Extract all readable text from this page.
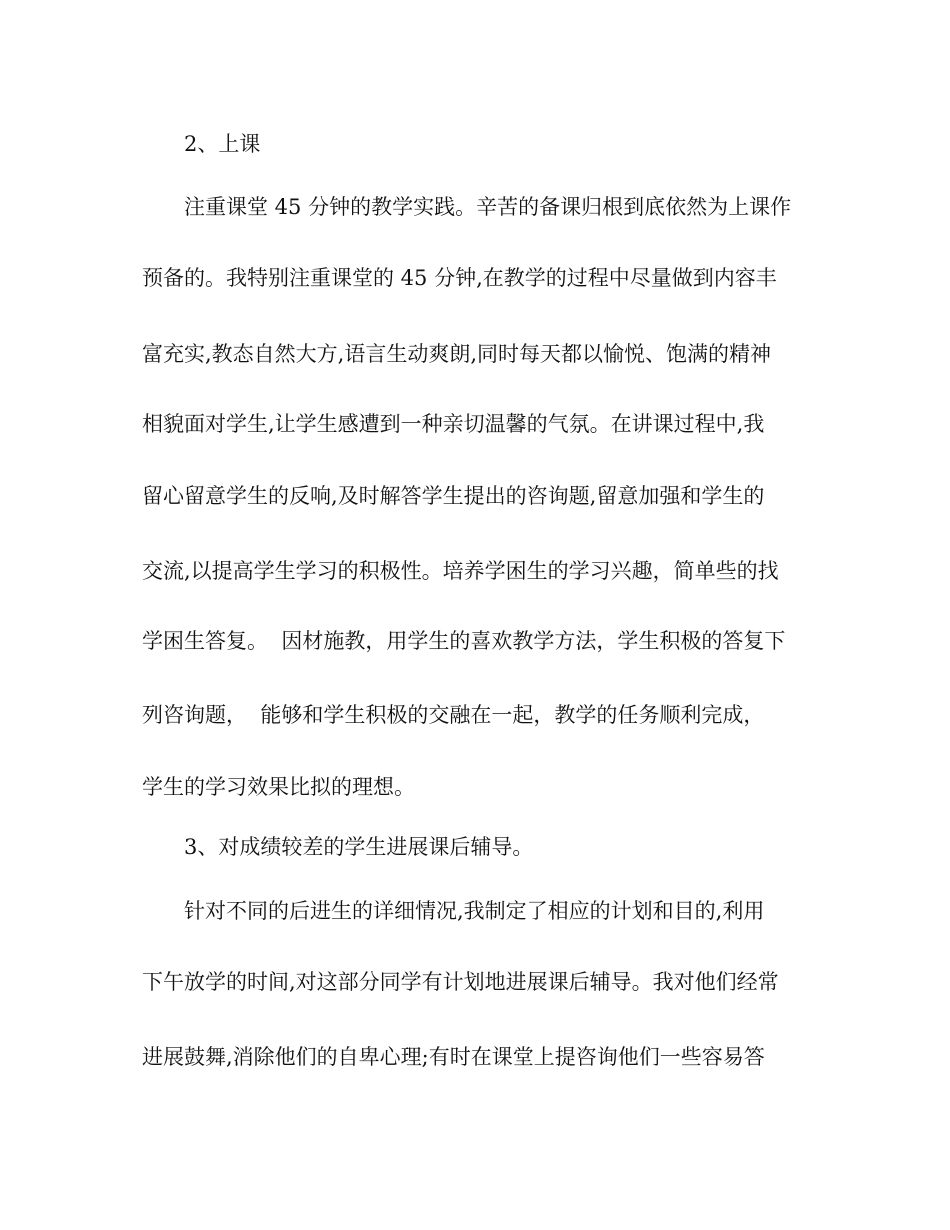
2、上课
注重课堂 45 分钟的教学实践。辛苦的备课归根到底依然为上课作
预备的。我特别注重课堂的 45 分钟,在教学的过程中尽量做到内容丰
富充实,教态自然大方,语言生动爽朗,同时每天都以愉悦、饱满的精神
相貌面对学生,让学生感遭到一种亲切温馨的气氛。在讲课过程中,我
留心留意学生的反响,及时解答学生提出的咨询题,留意加强和学生的
交流,以提高学生学习的积极性。培养学困生的学习兴趣，简单些的找
学困生答复。  因材施教，用学生的喜欢教学方法，学生积极的答复下
列咨询题，  能够和学生积极的交融在一起，教学的任务顺利完成，
学生的学习效果比拟的理想。
3、对成绩较差的学生进展课后辅导。
针对不同的后进生的详细情况,我制定了相应的计划和目的,利用
下午放学的时间,对这部分同学有计划地进展课后辅导。我对他们经常
进展鼓舞,消除他们的自卑心理;有时在课堂上提咨询他们一些容易答
